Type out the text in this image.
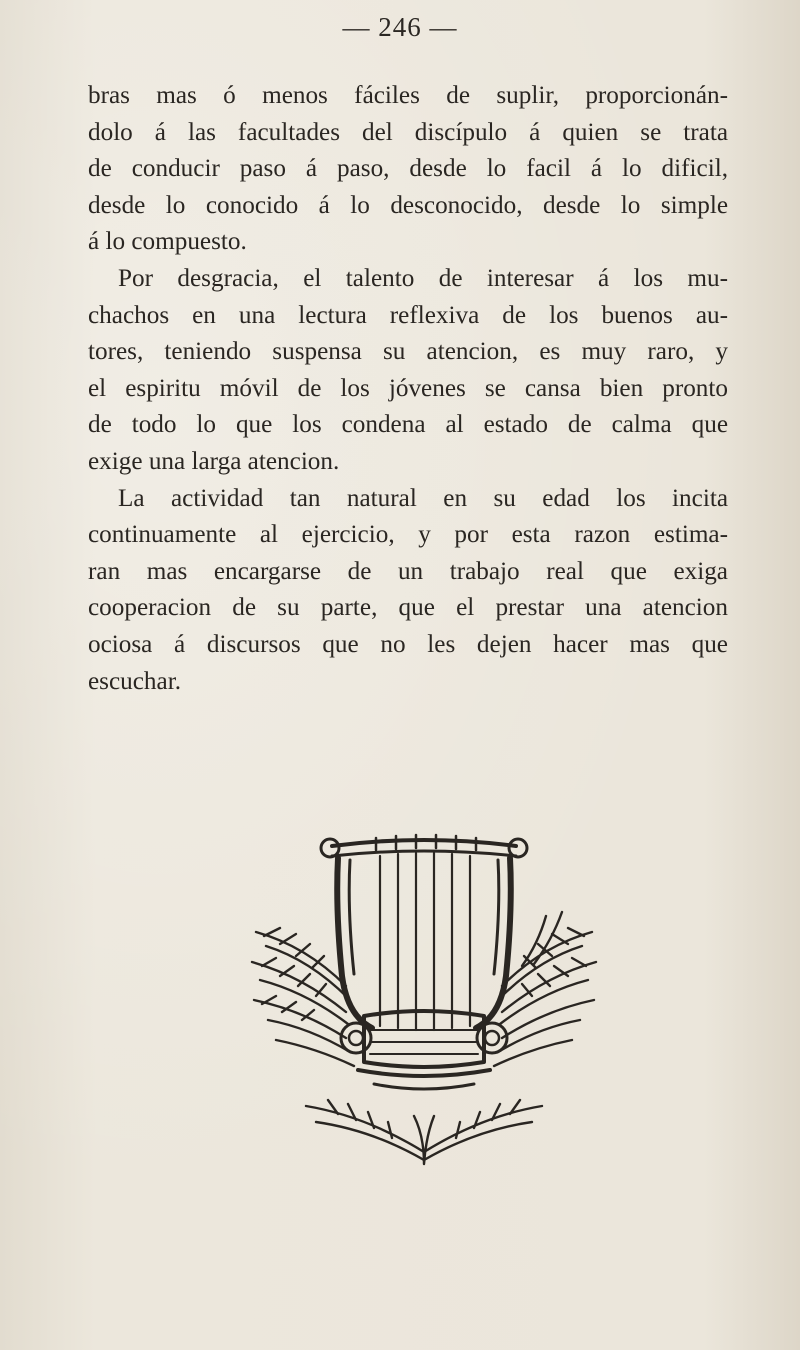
— 246 —
bras mas ó menos fáciles de suplir, proporcionán-
dolo á las facultades del discípulo á quien se trata
de conducir paso á paso, desde lo facil á lo dificil,
desde lo conocido á lo desconocido, desde lo simple
á lo compuesto.
Por desgracia, el talento de interesar á los mu-
chachos en una lectura reflexiva de los buenos au-
tores, teniendo suspensa su atencion, es muy raro, y
el espiritu móvil de los jóvenes se cansa bien pronto
de todo lo que los condena al estado de calma que
exige una larga atencion.
La actividad tan natural en su edad los incita
continuamente al ejercicio, y por esta razon estima-
ran mas encargarse de un trabajo real que exiga
cooperacion de su parte, que el prestar una atencion
ociosa á discursos que no les dejen hacer mas que
escuchar.
